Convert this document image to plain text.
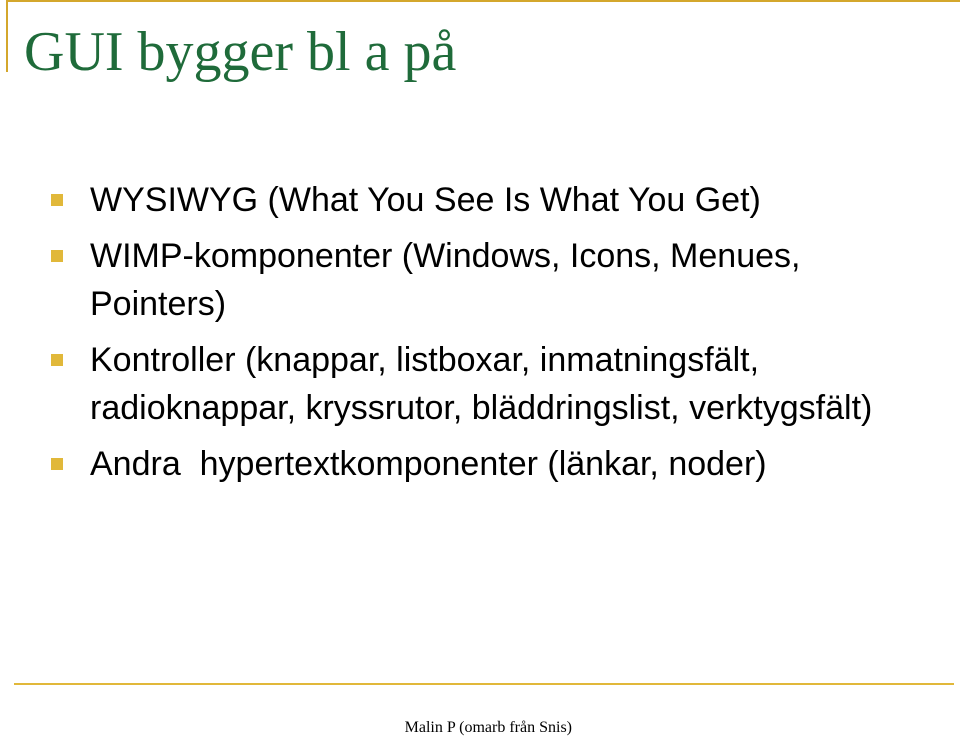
GUI bygger bl a på
WYSIWYG (What You See Is What You Get)
WIMP-komponenter (Windows, Icons, Menues, Pointers)
Kontroller (knappar, listboxar, inmatningsfält, radioknappar, kryssrutor, bläddringslist, verktygsfält)
Andra  hypertextkomponenter (länkar, noder)
Malin P (omarb från Snis)
